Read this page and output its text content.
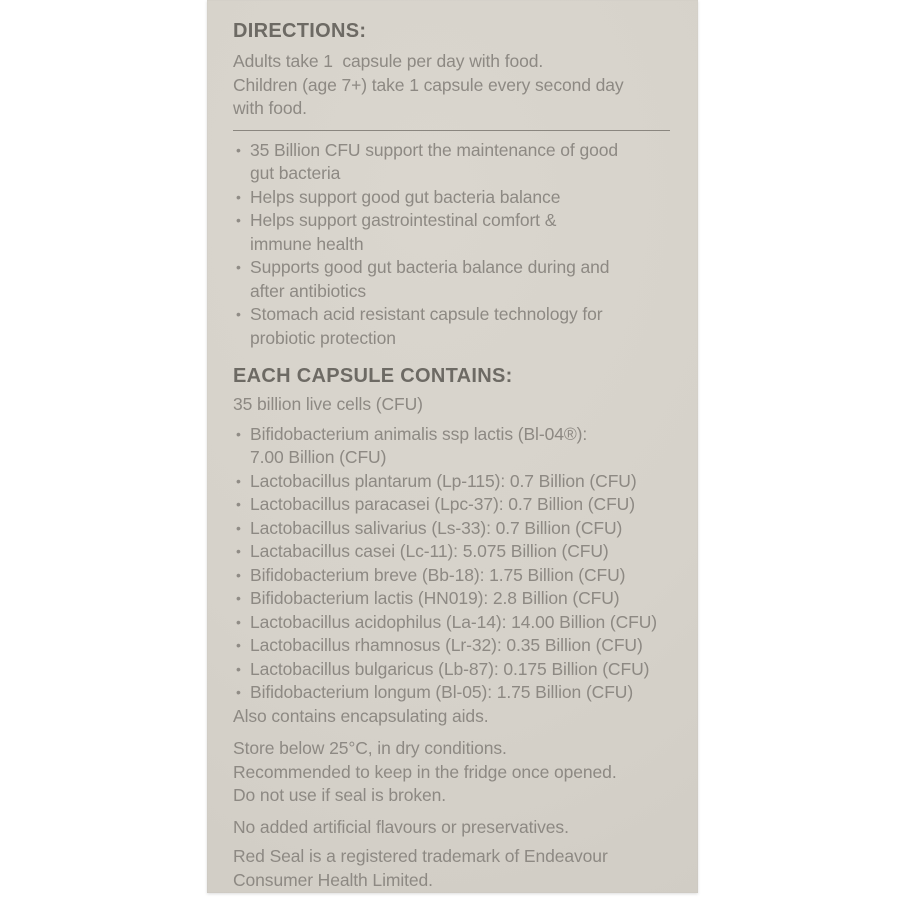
DIRECTIONS:
Adults take 1  capsule per day with food.
Children (age 7+) take 1 capsule every second day
with food.
• 35 Billion CFU support the maintenance of good
gut bacteria
• Helps support good gut bacteria balance
• Helps support gastrointestinal comfort &
immune health
• Supports good gut bacteria balance during and
after antibiotics
• Stomach acid resistant capsule technology for
probiotic protection
EACH CAPSULE CONTAINS:
35 billion live cells (CFU)
• Bifidobacterium animalis ssp lactis (Bl-04®):
7.00 Billion (CFU)
• Lactobacillus plantarum (Lp-115): 0.7 Billion (CFU)
• Lactobacillus paracasei (Lpc-37): 0.7 Billion (CFU)
• Lactobacillus salivarius (Ls-33): 0.7 Billion (CFU)
• Lactabacillus casei (Lc-11): 5.075 Billion (CFU)
• Bifidobacterium breve (Bb-18): 1.75 Billion (CFU)
• Bifidobacterium lactis (HN019): 2.8 Billion (CFU)
• Lactobacillus acidophilus (La-14): 14.00 Billion (CFU)
• Lactobacillus rhamnosus (Lr-32): 0.35 Billion (CFU)
• Lactobacillus bulgaricus (Lb-87): 0.175 Billion (CFU)
• Bifidobacterium longum (Bl-05): 1.75 Billion (CFU)
Also contains encapsulating aids.
Store below 25°C, in dry conditions.
Recommended to keep in the fridge once opened.
Do not use if seal is broken.
No added artificial flavours or preservatives.
Red Seal is a registered trademark of Endeavour
Consumer Health Limited.
